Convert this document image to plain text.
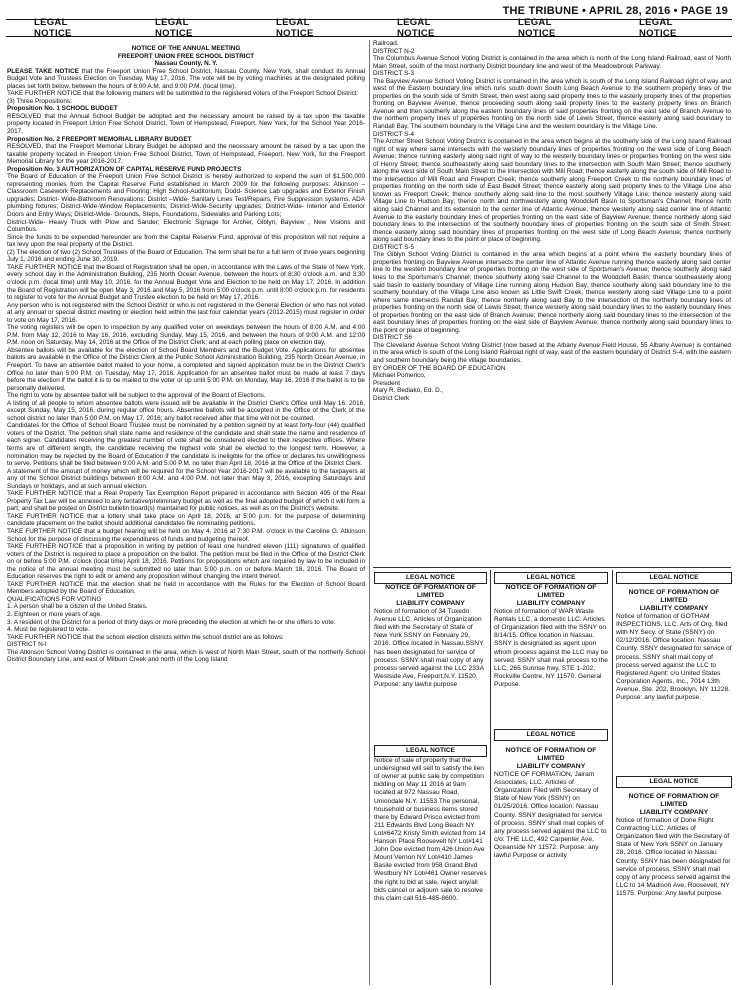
THE TRIBUNE • APRIL 28, 2016 • PAGE 19
LEGAL NOTICE
LEGAL NOTICE
LEGAL NOTICE
LEGAL NOTICE
LEGAL NOTICE
LEGAL NOTICE

NOTICE OF THE ANNUAL MEETING

FREEPORT UNION FREE SCHOOL DISTRICT

Nassau County, N. Y.

PLEASE TAKE NOTICE that the Freeport Union Free School District, Nassau County, New York, shall conduct its Annual Budget Vote and Trustees Election on Tuesday, May 17, 2016. The vote will be by voting machines at the designated polling places set forth below, between the hours of 6:00 A.M. and 9:00 P.M. (local time).

TAKE FURTHER NOTICE that the following matters will be submitted to the registered voters of the Freeport School District:

(3) Three Propositions:

Proposition No. 1 SCHOOL BUDGET

RESOLVED that the Annual School Budget be adopted and the necessary amount be raised by a tax upon the taxable property located in Freeport Union Free School District, Town of Hempstead, Freeport, New York, for the School Year 2016-2017.

Proposition No. 2 FREEPORT MEMORIAL LIBRARY BUDGET

RESOLVED, that the Freeport Memorial Library Budget be adopted and the necessary amount be raised by a tax upon the taxable property located in Freeport Union Free School District, Town of Hempstead, Freeport, New York, for the Freeport Memorial Library for the year 2016-2017.

Proposition No. 3 AUTHORIZATION OF CAPITAL RESERVE FUND PROJECTS

The Board of Education of the Freeport Union Free School District is hereby authorized to expend the sum of $1,500,000 representing monies from the Capital Reserve Fund established in March 2009 for the following purposes: Atkinson – Classroom Casework Replacements and Flooring; High School-Auditorium; Dodd- Science Lab upgrades and Exterior Finish upgrades; District- Wide-Bathroom Renovations; District –Wide- Sanitary Lines Test/Repairs, Fire Suppression systems, ADA plumbing fixtures; District-Wide-Window Replacements; District-Wide-Security upgrades; District-Wide- Interior and Exterior Doors and Entry Ways; District-Wide- Grounds, Steps, Foundations, Sidewalks and Parking Lots;

District-Wide- Heavy Truck with Plow and Sander; Electronic Signage for Archer, Giblyn, Bayview , New Visions and Columbus.

Since the funds to be expended hereunder are from the Capital Reserve Fund, approval of this proposition will not require a tax levy upon the real property of the District.

(2) The election of two (2) School Trustees of the Board of Education. The term shall be for a full term of three years beginning July 1, 2016 and ending June 30, 2019.

TAKE FURTHER NOTICE that the Board of Registration shall be open, in accordance with the Laws of the State of New York, every school day in the Administration Building, 235 North Ocean Avenue, between the hours of 8:30 o'clock a.m. and 3:30 o'clock p.m. (local time) until May 10, 2016, for the Annual Budget Vote and Election to be held on May 17, 2016. In addition the Board of Registration will be open May 3, 2016 and May 5, 2016 from 5:00 o'clock p.m. until 8:00 o'clock p.m. for residents to register to vote for the Annual Budget and Trustee election to be held on May 17, 2016.

Any person who is not registered with the School District or who is not registered in the General Election or who has not voted at any annual or special district meeting or election held within the last four calendar years (2012-2015) must register in order to vote on May 17, 2016.

The voting registers will be open to inspection by any qualified voter on weekdays between the hours of 8:00 A.M. and 4:00 P.M. from May 12, 2016 to May 16, 2016, excluding Sunday, May 15, 2016, and between the hours of 9:00 A.M. and 12:00 P.M. noon on Saturday, May 14, 2016 at the Office of the District Clerk; and at each polling place on election day,

Absentee ballots will be available for the election of School Board Members and the Budget Vote. Applications for absentee ballots are available in the Office of the District Clerk at the Public School Administration Building, 235 North Ocean Avenue, in Freeport. To have an absentee ballot mailed to your home, a completed and signed application must be in the District Clerk's Office no later than 5:00 P.M. on Tuesday, May 17, 2016. Application for an absentee ballot must be made at least 7 days before the election if the ballot it is to be mailed to the voter or up until 5:00 P.M. on Monday, May 16, 2016 if the ballot is to be personally delivered.

The right to vote by absentee ballot will be subject to the approval of the Board of Elections.

A listing of all people to whom absentee ballots were issued will be available in the District Clerk's Office until May 16, 2016, except Sunday, May 15, 2016, during regular office hours. Absentee ballots will be accepted in the Office of the Clerk of the school district no later than 5:00 P.M. on May 17, 2016; any ballot received after that time will not be counted.

Candidates for the Office of School Board Trustee must be nominated by a petition signed by at least forty-four (44) qualified voters of the District. The petition shall state name and residence of the candidate and shall state the name and residence of each signer. Candidates receiving the greatest number of vote shall be considered elected to their respective offices. Where terms are of different length, the candidate receiving the highest vote shall be elected to the longest term. However, a nomination may be rejected by the Board of Education if the candidate is ineligible for the office or declares his unwillingness to serve. Petitions shall be filed between 9:00 A.M. and 5:00 P.M. no later than April 18, 2016 at the Office of the District Clerk.

A statement of the amount of money which will be required for the School Year 2016-2017 will be available to the taxpayers at any of the School District buildings between 8:00 A.M. and 4:00 P.M. not later than May 3, 2016, excepting Saturdays and Sundays or holidays, and at such annual election.

TAKE FURTHER NOTICE that a Real Property Tax Exemption Report prepared in accordance with Section 495 of the Real Property Tax Law will be annexed to any tentative/preliminary budget as well as the final adopted budget of which it will form a part; and shall be posted on District bulletin board(s) maintained for public notices, as well as on the District's website.

TAKE FURTHER NOTICE that a lottery shall take place on April 18, 2016, at 5:00 p.m. for the purpose of determining candidate placement on the ballot should additional candidates file nominating petitions.

TAKE FURTHER NOTICE that a budget hearing will be held on May 4, 2016 at 7:30 P.M. o'clock in the Caroline G. Atkinson School for the purpose of discussing the expenditures of funds and budgeting thereof.

TAKE FURTHER NOTICE that a proposition in writing by petition of least one hundred eleven (111) signatures of qualified voters of the District is required to place a proposition on the ballot. The petition must be filed in the Office of the District Clerk on or before 5:00 P.M. o'clock (local time) April 18, 2016. Petitions for propositions which are required by law to be included in the notice of the annual meeting must be submitted no later than 5:00 p.m. on or before March 18, 2016. The Board of Education reserves the right to edit or amend any proposition without changing the intent thereof.

TAKE FURTHER NOTICE that the election shall be held in accordance with the Rules for the Election of School Board Members adopted by the Board of Education.

QUALIFICATIONS FOR VOTING

1. A person shall be a citizen of the United States.

2. Eighteen or more years of age.

3. A resident of the District for a period of thirty days or more preceding the election at which he or she offers to vote.

4. Must be registered to vote.

TAKE FURTHER NOTICE that the school election districts within the school district are as follows:

DISTRICT N-I

The Atkinson School Voting District is contained in the area, which is west of North Main Street, south of the northerly School District Boundary Line, and east of Milburn Creek and north of the Long Island

Railroad.

DISTRICT N-2

The Columbus Avenue School Voting District is contained in the area which is north of the Long Island Railroad, east of North Main Street, south of the most northerly District boundary line and west of the Meadowbrook Parkway.

DISTRICT S-3

The Bayview Avenue School Voting District is contained in the area which is south of the Long Island Railroad right of way and west of the Eastern boundary line which runs south down South Long Beach Avenue to the southern property lines of the properties on the south side of Smith Street, then west along said property lines to the easterly property lines of the properties fronting on Bayview Avenue, thence proceeding south along said property lines to the easterly property lines on Branch Avenue and then southerly along the eastern boundary lines of said properties fronting on the east side of Branch Avenue to the northern property lines of properties fronting on the north side of Lewis Street, thence easterly along said boundary to Randall Bay. The southern boundary is the Village Line and the western boundary is the Village Line.

DISTRICT S-4

The Archer Street School Voting District is contained in the area which begins at the southerly side of the Long Island Railroad right of way where same intersects with the westerly boundary lines of properties fronting on the west side of Long Beach Avenue; thence running easterly along said right of way to the westerly boundary lines or properties fronting on the west side of Henry Street; thence southeasterly along said boundary lines to the intersection with South Main Street; thence southerly along the west side of South Main Street to the intersection with Mill Road; thence easterly along the south side of Mill Road to the intersection of Mill Road and Freeport Creek; thence southerly along Freeport Creek to the northerly boundary lines of properties fronting on the north side of East Bedell Street; thence easterly along said property lines to the Village Line also known as Freeport Creek; thence southerly along said line to the most southerly Village Line; thence westerly along said Village Line to Hudson Bay; thence north and northwesterly along Woodcleft Basin to Sportsman's Channel; thence north along said Channel and its extension to the center line of Atlantic Avenue; thence westerly along said center line of Atlantic Avenue to the easterly boundary lines of properties fronting on the east side of Bayview Avenue; thence northerly along said boundary lines to the intersection of the southerly boundary lines of properties fronting on the south side of Smith Street; thence easterly along said boundary lines of properties fronting on the west side of Long Beach Avenue; thence northerly along said boundary lines to the point or place of beginning.

DISTRICT S-5

The Giblyn School Voting District is contained in the area which begins at a point where the easterly boundary lines of properties fronting on Bayview Avenue intersects the center line of Atlantic Avenue running thence easterly along said center line to the western boundary line of properties fronting on the west side of Sportsman's Avenue; thence southerly along said lines to the Sportsman's Channel; thence southerly along said Channel to the Woodcleft Basin; thence southeasterly along said basin to easterly boundary of Village Line running along Hudson Bay; thence southerly along said boundary line to the southerly boundary of the Village Line also known as Little Swift Creek; thence westerly along said Village Line to a point where same intersects Randall Bay; thence northerly along said Bay to the intersection of the northerly boundary lines of properties fronting on the north side of Lewis Street; thence westerly along said boundary lines to the easterly boundary lines of properties fronting on the east side of Branch Avenue; thence northerly along said boundary lines to the intersection of the east boundary lines of properties fronting on the east side of Bayview Avenue; thence northerly along said boundary lines to the point or place of beginning.

DISTRICT S6

The Cleveland Avenue School Voting District (now based at the Albany Avenue Field House, 55 Albany Avenue) is contained in the area which is south of the Long Island Railroad right of way, east of the eastern boundary of District S-4, with the eastern and southern boundary being the village boundaries.

BY ORDER OF THE BOARD OF EDUCATION

Michael Pomerico,

President

Mary R. Bediako, Ed. D.,

District Clerk

LEGAL NOTICE
NOTICE OF FORMATION OF LIMITED
LIABILITY COMPANY
Notice of formation of 34 Tuxedo Avenue LLC. Articles of Organization filed with the Secretary of State of New York SSNY on February 29, 2016. Office located in Nassau.SSNY has been designated for service of process. SSNY shall mail copy of any process served against the LLC 233A Westside Ave, Freeport,N.Y. 11520. Purpose: any lawful purpose
LEGAL NOTICE
Notice of sale of property that the undersigned will sell to satisfy the lien of owner at public sale by competition bidding on May 11 2016 at 9am located at 972 Nassau Road, Uniondale N.Y. 11553 The personal, household or business items stored there by Edward Prisco evicted from 211 Edwards Blvd Long Beach NY Lot#6472 Kristy Smith evicted from 14 Hanson Place Roosevelt NY Lot#141 John Doe evicted from 426 Union Ave Mount Vernon NY Lot#410 James Basile evicted from 958 Grand Blvd Westbury NY Lot#461 Owner reserves the right to bid at sale, reject any/all bids cancel or adjourn sale to resolve this claim call 516-485-8600.
LEGAL NOTICE
NOTICE OF FORMATION OF LIMITED
LIABILITY COMPANY
Notice of formation of WAR Waste Rentals LLC, a domestic LLC. Articles of Organization filed with the SSNY on 8/14/15. Office location in Nassau. SSNY is designated as agent upon whom process against the LLC may be served. SSNY shall mail process to the LLC, 265 Sunrise hwy, STE 1-202, Rockville Centre, NY 11570. General Purpose.
LEGAL NOTICE
NOTICE OF FORMATION OF LIMITED
LIABILITY COMPANY
NOTICE OF FORMATION, Jairam Associates, LLC. Articles of Organization Filed with Secretary of State of New York (SSNY) on 01/25/2016. Office location: Nassau County. SSNY designated for service of process. SSNY shall mail copies of any process served against the LLC to c/o: THE LLC, 492 Carpenter Ave, Oceanside NY 11572. Purpose: any lawful Purpose or activity
LEGAL NOTICE
NOTICE OF FORMATION OF LIMITED
LIABILITY COMPANY
Notice of formation of GOTHAM INSPECTIONS, LLC. Arts of Org. filed with NY Secy. of State (SSNY) on 02/12/2016. Office location: Nassau County. SSNY designated for service of process. SSNY shall mail copy of process served against the LLC to Registered Agent: c/o United States Corporation Agents, Inc., 7014 13th Avenue, Ste. 202, Brooklyn, NY 11228. Purpose: any lawful purpose.
LEGAL NOTICE
NOTICE OF FORMATION OF LIMITED
LIABILITY COMPANY
Notice of formation of Done Right Contracting LLC. Articles of Organization filed with the Secretary of State of New York SSNY on January 28, 2016. Office located in Nassau County. SSNY has been designated for service of process. SSNY shall mail copy of any process served against the LLC to 14 Madison Ave, Roosevelt, NY 11575. Purpose: Any lawful purpose.
